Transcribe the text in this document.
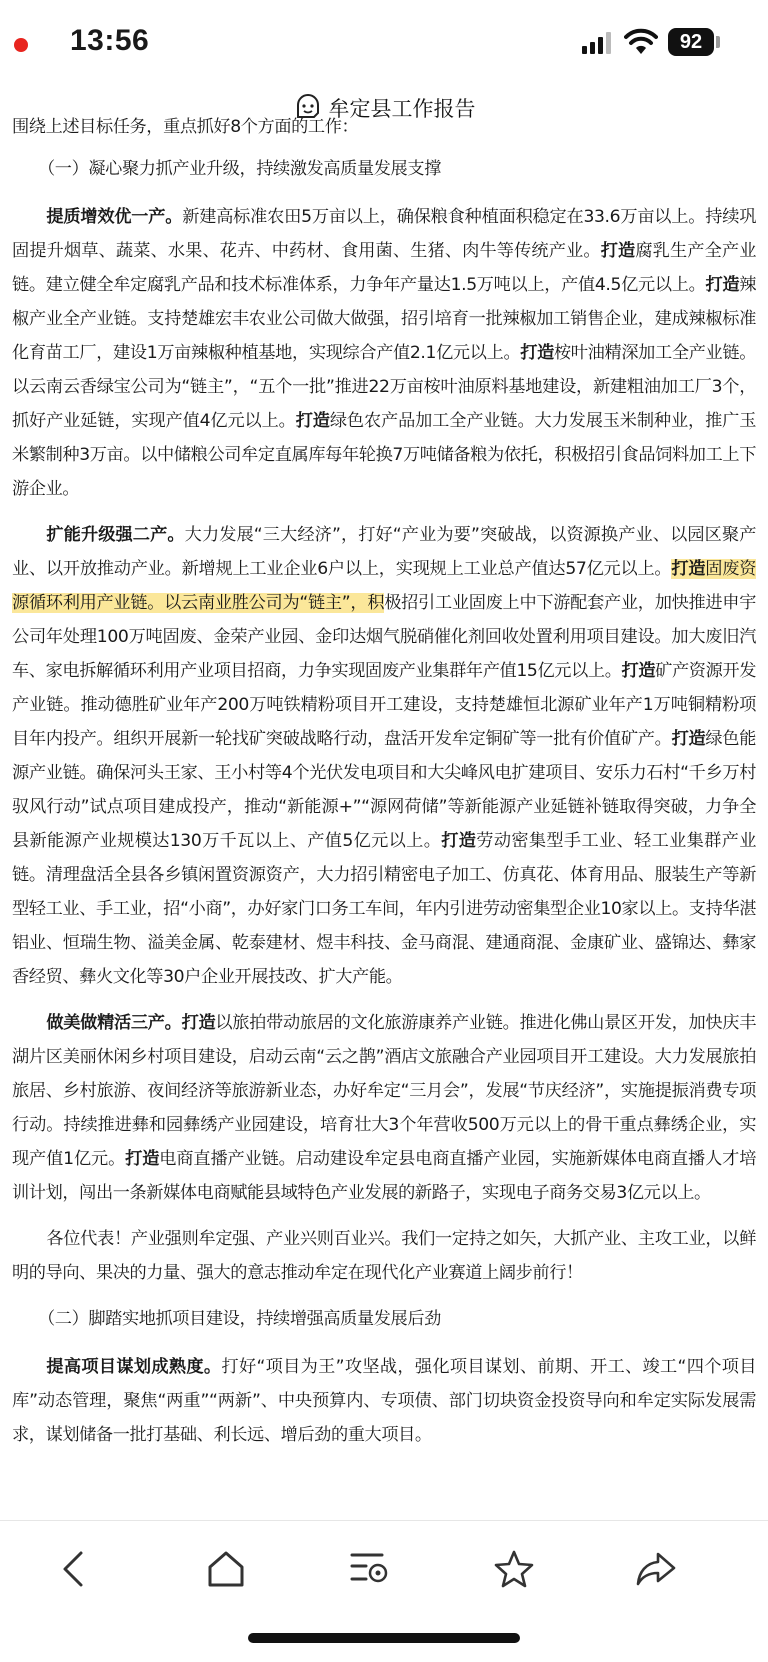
13:56	92
牟定县工作报告

围绕上述目标任务，重点抓好8个方面的工作：

（一）凝心聚力抓产业升级，持续激发高质量发展支撑

提质增效优一产。新建高标准农田5万亩以上，确保粮食种植面积稳定在33.6万亩以上。持续巩固提升烟草、蔬菜、水果、花卉、中药材、食用菌、生猪、肉牛等传统产业。打造腐乳生产全产业链。建立健全牟定腐乳产品和技术标准体系，力争年产量达1.5万吨以上，产值4.5亿元以上。打造辣椒产业全产业链。支持楚雄宏丰农业公司做大做强，招引培育一批辣椒加工销售企业，建成辣椒标准化育苗工厂，建设1万亩辣椒种植基地，实现综合产值2.1亿元以上。打造桉叶油精深加工全产业链。以云南云香绿宝公司为“链主”，“五个一批”推进22万亩桉叶油原料基地建设，新建粗油加工厂3个，抓好产业延链，实现产值4亿元以上。打造绿色农产品加工全产业链。大力发展玉米制种业，推广玉米繁制种3万亩。以中储粮公司牟定直属库每年轮换7万吨储备粮为依托，积极招引食品饲料加工上下游企业。

扩能升级强二产。大力发展“三大经济”，打好“产业为要”突破战，以资源换产业、以园区聚产业、以开放推动产业。新增规上工业企业6户以上，实现规上工业总产值达57亿元以上。打造固废资源循环利用产业链。以云南业胜公司为“链主”，积极招引工业固废上中下游配套产业，加快推进申宇公司年处理100万吨固废、金荣产业园、金印达烟气脱硝催化剂回收处置利用项目建设。加大废旧汽车、家电拆解循环利用产业项目招商，力争实现固废产业集群年产值15亿元以上。打造矿产资源开发产业链。推动德胜矿业年产200万吨铁精粉项目开工建设，支持楚雄恒北源矿业年产1万吨铜精粉项目年内投产。组织开展新一轮找矿突破战略行动，盘活开发牟定铜矿等一批有价值矿产。打造绿色能源产业链。确保河头王家、王小村等4个光伏发电项目和大尖峰风电扩建项目、安乐力石村“千乡万村驭风行动”试点项目建成投产，推动“新能源+”“源网荷储”等新能源产业延链补链取得突破，力争全县新能源产业规模达130万千瓦以上、产值5亿元以上。打造劳动密集型手工业、轻工业集群产业链。清理盘活全县各乡镇闲置资源资产，大力招引精密电子加工、仿真花、体育用品、服装生产等新型轻工业、手工业，招“小商”，办好家门口务工车间，年内引进劳动密集型企业10家以上。支持华湛铝业、恒瑞生物、溢美金属、乾泰建材、煜丰科技、金马商混、建通商混、金康矿业、盛锦达、彝家香经贸、彝火文化等30户企业开展技改、扩大产能。

做美做精活三产。打造以旅拍带动旅居的文化旅游康养产业链。推进化佛山景区开发，加快庆丰湖片区美丽休闲乡村项目建设，启动云南“云之鹊”酒店文旅融合产业园项目开工建设。大力发展旅拍旅居、乡村旅游、夜间经济等旅游新业态，办好牟定“三月会”，发展“节庆经济”，实施提振消费专项行动。持续推进彝和园彝绣产业园建设，培育壮大3个年营收500万元以上的骨干重点彝绣企业，实现产值1亿元。打造电商直播产业链。启动建设牟定县电商直播产业园，实施新媒体电商直播人才培训计划，闯出一条新媒体电商赋能县域特色产业发展的新路子，实现电子商务交易3亿元以上。

各位代表！产业强则牟定强、产业兴则百业兴。我们一定持之如矢，大抓产业、主攻工业，以鲜明的导向、果决的力量、强大的意志推动牟定在现代化产业赛道上阔步前行！

（二）脚踏实地抓项目建设，持续增强高质量发展后劲

提高项目谋划成熟度。打好“项目为王”攻坚战，强化项目谋划、前期、开工、竣工“四个项目库”动态管理，聚焦“两重”“两新”、中央预算内、专项债、部门切块资金投资导向和牟定实际发展需求，谋划储备一批打基础、利长远、增后劲的重大项目。
